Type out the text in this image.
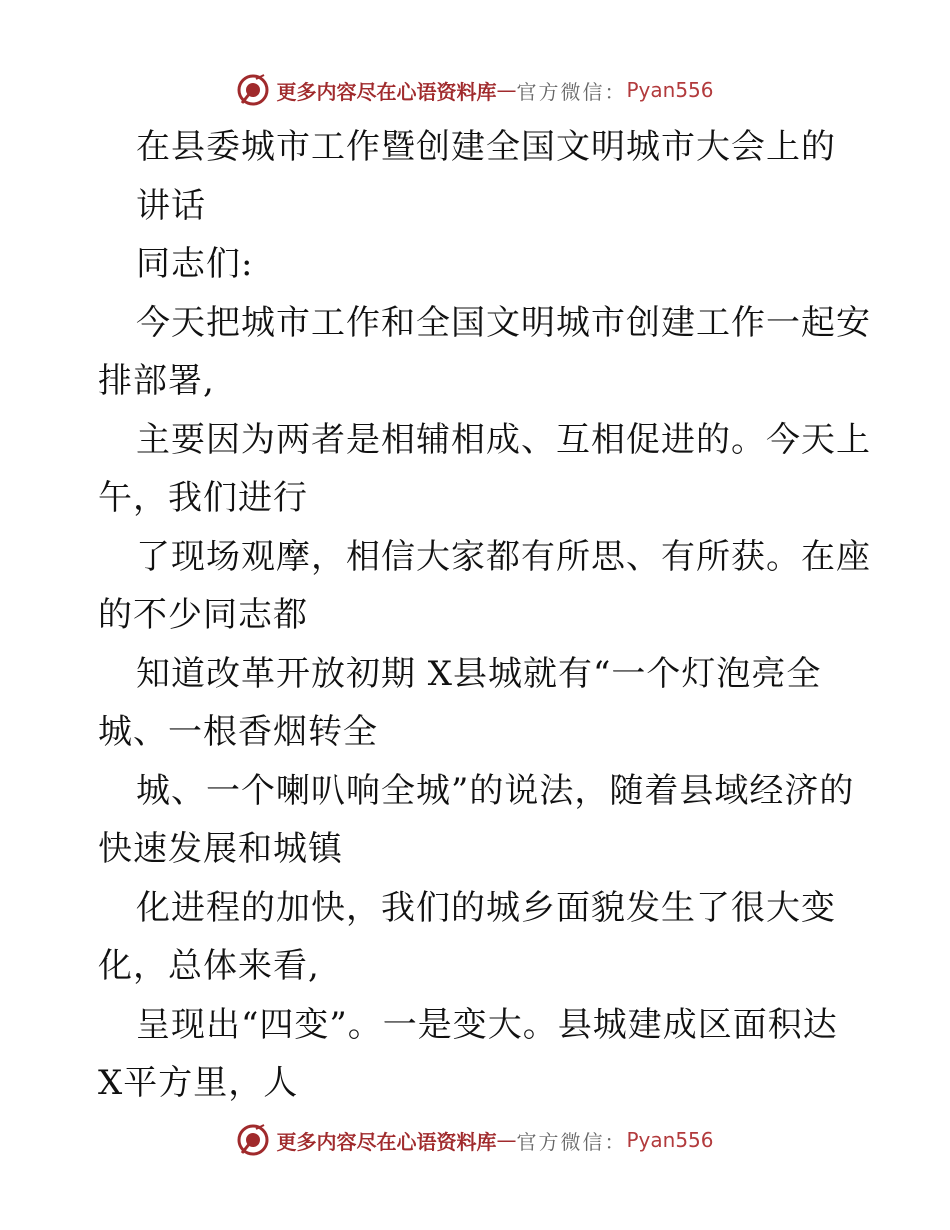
更多内容尽在心语资料库 — 官方微信： Pyan556
在县委城市工作暨创建全国文明城市大会上的
讲话
同志们:
今天把城市工作和全国文明城市创建工作一起安
排部署,
主要因为两者是相辅相成、互相促进的。今天上
午，我们进行
了现场观摩，相信大家都有所思、有所获。在座
的不少同志都
知道改革开放初期 X县城就有“一个灯泡亮全
城、一根香烟转全
城、一个喇叭响全城”的说法，随着县域经济的
快速发展和城镇
化进程的加快，我们的城乡面貌发生了很大变
化，总体来看,
呈现出“四变”。一是变大。县城建成区面积达
X平方里，人
更多内容尽在心语资料库 — 官方微信： Pyan556
